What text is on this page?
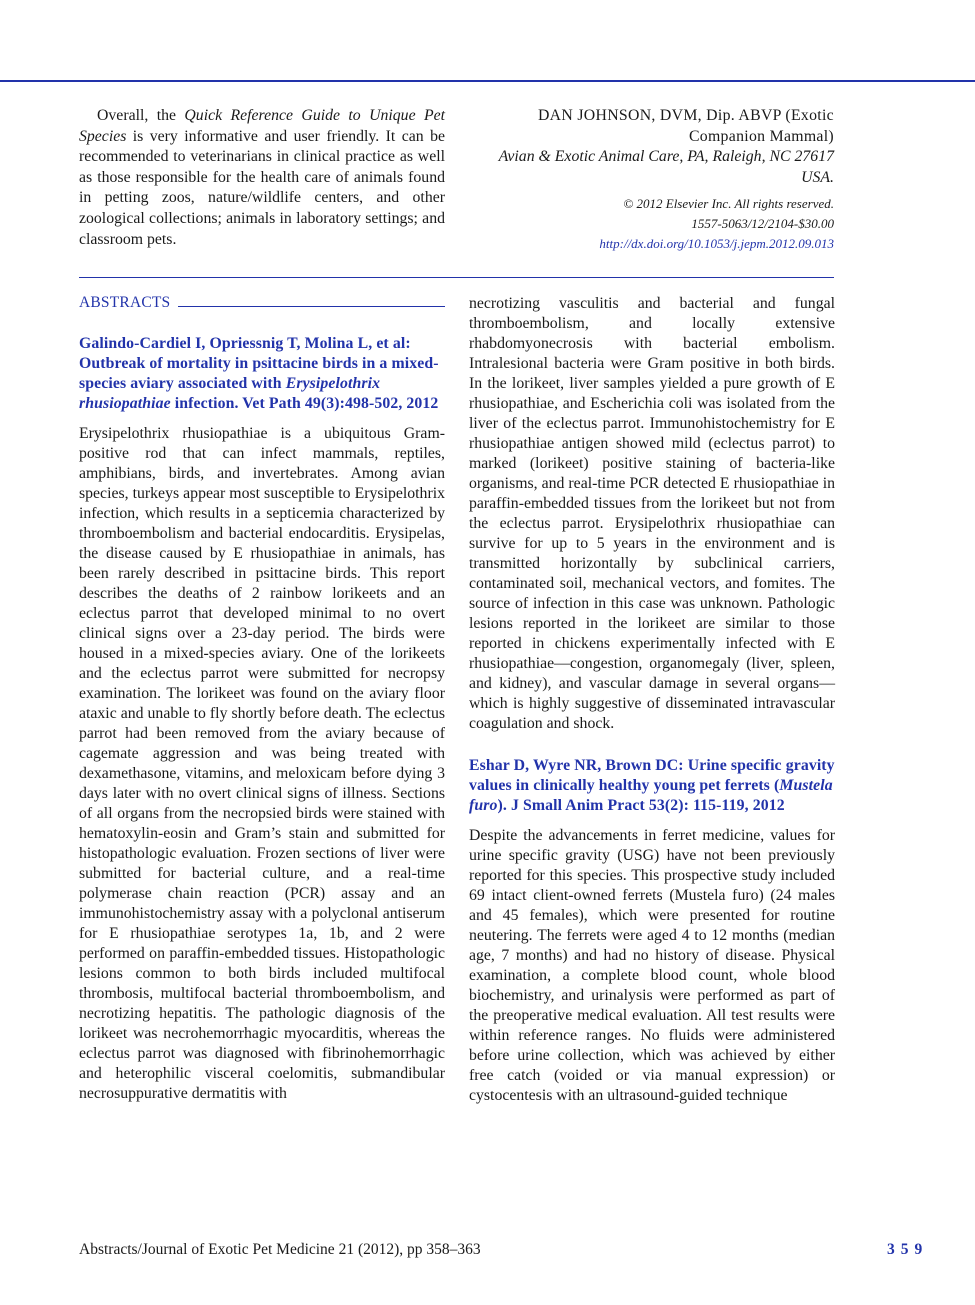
Overall, the Quick Reference Guide to Unique Pet Species is very informative and user friendly. It can be recommended to veterinarians in clinical practice as well as those responsible for the health care of animals found in petting zoos, nature/wildlife centers, and other zoological collections; animals in laboratory settings; and classroom pets.

DAN JOHNSON, DVM, Dip. ABVP (Exotic Companion Mammal)

Avian & Exotic Animal Care, PA, Raleigh, NC 27617 USA.

© 2012 Elsevier Inc. All rights reserved.

1557-5063/12/2104-$30.00

http://dx.doi.org/10.1053/j.jepm.2012.09.013

ABSTRACTS

Galindo-Cardiel I, Opriessnig T, Molina L, et al: Outbreak of mortality in psittacine birds in a mixed-species aviary associated with Erysipelothrix rhusiopathiae infection. Vet Path 49(3):498-502, 2012

Erysipelothrix rhusiopathiae is a ubiquitous Gram-positive rod that can infect mammals, reptiles, amphibians, birds, and invertebrates. Among avian species, turkeys appear most susceptible to Erysipelothrix infection, which results in a septicemia characterized by thromboembolism and bacterial endocarditis. Erysipelas, the disease caused by E rhusiopathiae in animals, has been rarely described in psittacine birds. This report describes the deaths of 2 rainbow lorikeets and an eclectus parrot that developed minimal to no overt clinical signs over a 23-day period. The birds were housed in a mixed-species aviary. One of the lorikeets and the eclectus parrot were submitted for necropsy examination. The lorikeet was found on the aviary floor ataxic and unable to fly shortly before death. The eclectus parrot had been removed from the aviary because of cagemate aggression and was being treated with dexamethasone, vitamins, and meloxicam before dying 3 days later with no overt clinical signs of illness. Sections of all organs from the necropsied birds were stained with hematoxylin-eosin and Gram’s stain and submitted for histopathologic evaluation. Frozen sections of liver were submitted for bacterial culture, and a real-time polymerase chain reaction (PCR) assay and an immunohistochemistry assay with a polyclonal antiserum for E rhusiopathiae serotypes 1a, 1b, and 2 were performed on paraffin-embedded tissues. Histopathologic lesions common to both birds included multifocal thrombosis, multifocal bacterial thromboembolism, and necrotizing hepatitis. The pathologic diagnosis of the lorikeet was necrohemorrhagic myocarditis, whereas the eclectus parrot was diagnosed with fibrinohemorrhagic and heterophilic visceral coelomitis, submandibular necrosuppurative dermatitis with

necrotizing vasculitis and bacterial and fungal thromboembolism, and locally extensive rhabdomyonecrosis with bacterial embolism. Intralesional bacteria were Gram positive in both birds. In the lorikeet, liver samples yielded a pure growth of E rhusiopathiae, and Escherichia coli was isolated from the liver of the eclectus parrot. Immunohistochemistry for E rhusiopathiae antigen showed mild (eclectus parrot) to marked (lorikeet) positive staining of bacteria-like organisms, and real-time PCR detected E rhusiopathiae in paraffin-embedded tissues from the lorikeet but not from the eclectus parrot. Erysipelothrix rhusiopathiae can survive for up to 5 years in the environment and is transmitted horizontally by subclinical carriers, contaminated soil, mechanical vectors, and fomites. The source of infection in this case was unknown. Pathologic lesions reported in the lorikeet are similar to those reported in chickens experimentally infected with E rhusiopathiae—congestion, organomegaly (liver, spleen, and kidney), and vascular damage in several organs—which is highly suggestive of disseminated intravascular coagulation and shock.

Eshar D, Wyre NR, Brown DC: Urine specific gravity values in clinically healthy young pet ferrets (Mustela furo). J Small Anim Pract 53(2): 115-119, 2012

Despite the advancements in ferret medicine, values for urine specific gravity (USG) have not been previously reported for this species. This prospective study included 69 intact client-owned ferrets (Mustela furo) (24 males and 45 females), which were presented for routine neutering. The ferrets were aged 4 to 12 months (median age, 7 months) and had no history of disease. Physical examination, a complete blood count, whole blood biochemistry, and urinalysis were performed as part of the preoperative medical evaluation. All test results were within reference ranges. No fluids were administered before urine collection, which was achieved by either free catch (voided or via manual expression) or cystocentesis with an ultrasound-guided technique

Abstracts/Journal of Exotic Pet Medicine 21 (2012), pp 358–363	359
